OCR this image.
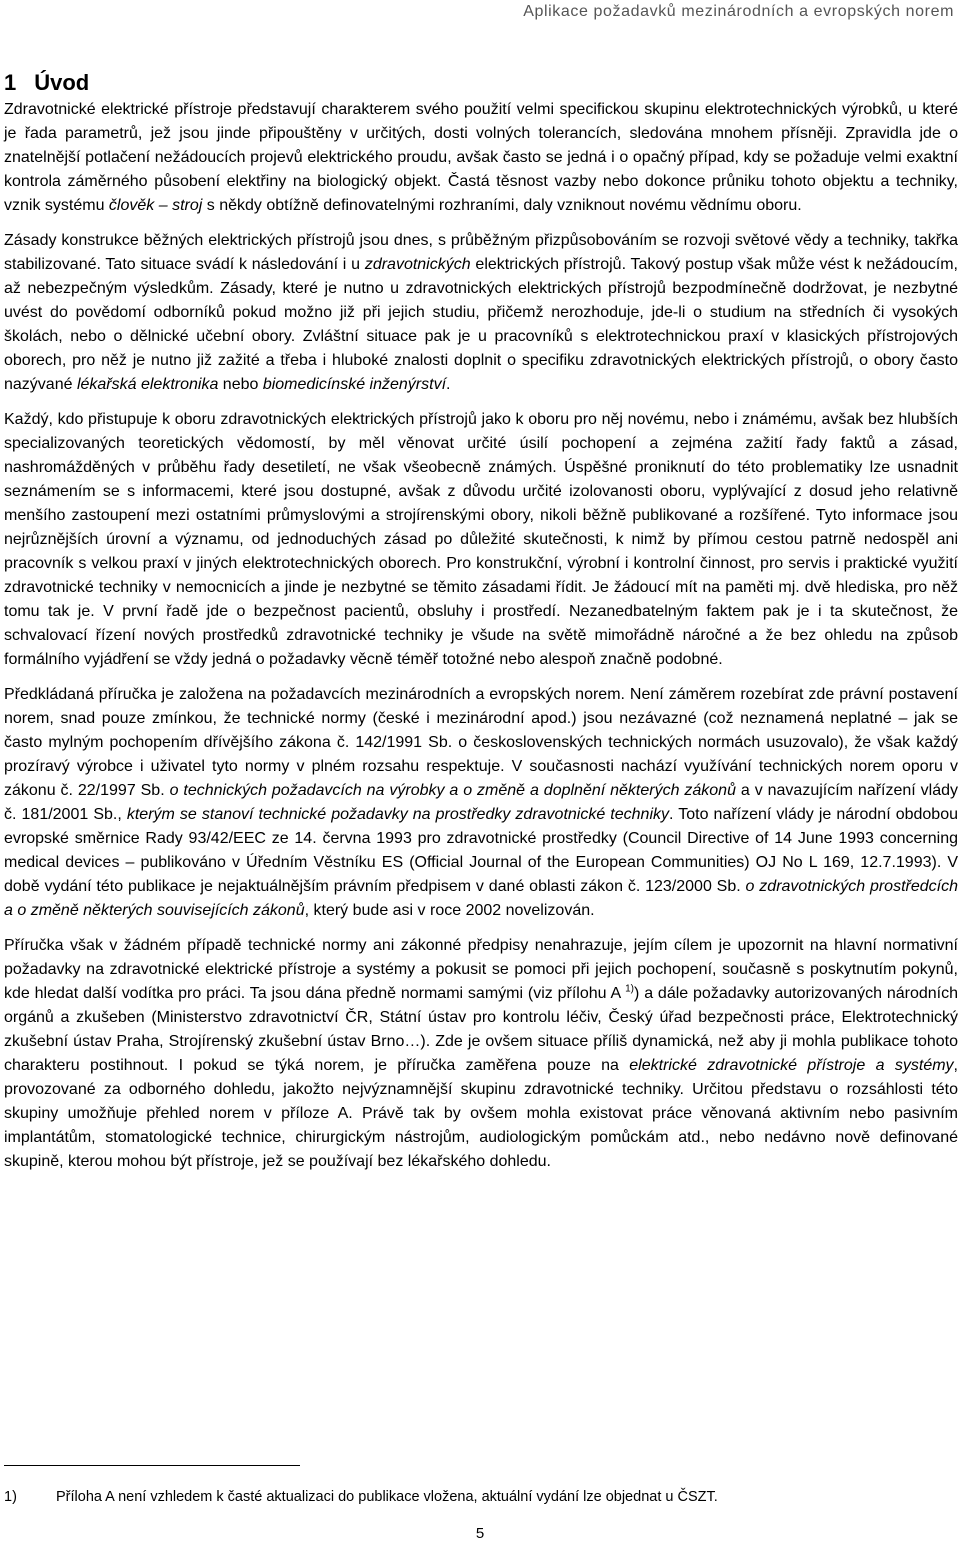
Aplikace požadavků mezinárodních a evropských norem
1 Úvod

Zdravotnické elektrické přístroje představují charakterem svého použití velmi specifickou skupinu elektrotechnických výrobků, u které je řada parametrů, jež jsou jinde připouštěny v určitých, dosti volných tolerancích, sledována mnohem přísněji. Zpravidla jde o znatelnější potlačení nežádoucích projevů elektrického proudu, avšak často se jedná i o opačný případ, kdy se požaduje velmi exaktní kontrola záměrného působení elektřiny na biologický objekt. Častá těsnost vazby nebo dokonce průniku tohoto objektu a techniky, vznik systému člověk – stroj s někdy obtížně definovatelnými rozhraními, daly vzniknout novému vědnímu oboru.

Zásady konstrukce běžných elektrických přístrojů jsou dnes, s průběžným přizpůsobováním se rozvoji světové vědy a techniky, takřka stabilizované. Tato situace svádí k následování i u zdravotnických elektrických přístrojů. Takový postup však může vést k nežádoucím, až nebezpečným výsledkům. Zásady, které je nutno u zdravotnických elektrických přístrojů bezpodmínečně dodržovat, je nezbytné uvést do povědomí odborníků pokud možno již při jejich studiu, přičemž nerozhoduje, jde-li o studium na středních či vysokých školách, nebo o dělnické učební obory. Zvláštní situace pak je u pracovníků s elektrotechnickou praxí v klasických přístrojových oborech, pro něž je nutno již zažité a třeba i hluboké znalosti doplnit o specifiku zdravotnických elektrických přístrojů, o obory často nazývané lékařská elektronika nebo biomedicínské inženýrství.

Každý, kdo přistupuje k oboru zdravotnických elektrických přístrojů jako k oboru pro něj novému, nebo i známému, avšak bez hlubších specializovaných teoretických vědomostí, by měl věnovat určité úsilí pochopení a zejména zažití řady faktů a zásad, nashromážděných v průběhu řady desetiletí, ne však všeobecně známých. Úspěšné proniknutí do této problematiky lze usnadnit seznámením se s informacemi, které jsou dostupné, avšak z důvodu určité izolovanosti oboru, vyplývající z dosud jeho relativně menšího zastoupení mezi ostatními průmyslovými a strojírenskými obory, nikoli běžně publikované a rozšířené. Tyto informace jsou nejrůznějších úrovní a významu, od jednoduchých zásad po důležité skutečnosti, k nimž by přímou cestou patrně nedospěl ani pracovník s velkou praxí v jiných elektrotechnických oborech. Pro konstrukční, výrobní i kontrolní činnost, pro servis i praktické využití zdravotnické techniky v nemocnicích a jinde je nezbytné se těmito zásadami řídit. Je žádoucí mít na paměti mj. dvě hlediska, pro něž tomu tak je. V první řadě jde o bezpečnost pacientů, obsluhy i prostředí. Nezanedbatelným faktem pak je i ta skutečnost, že schvalovací řízení nových prostředků zdravotnické techniky je všude na světě mimořádně náročné a že bez ohledu na způsob formálního vyjádření se vždy jedná o požadavky věcně téměř totožné nebo alespoň značně podobné.

Předkládaná příručka je založena na požadavcích mezinárodních a evropských norem. Není záměrem rozebírat zde právní postavení norem, snad pouze zmínkou, že technické normy (české i mezinárodní apod.) jsou nezávazné (což neznamená neplatné – jak se často mylným pochopením dřívějšího zákona č. 142/1991 Sb. o československých technických normách usuzovalo), že však každý prozíravý výrobce i uživatel tyto normy v plném rozsahu respektuje. V současnosti nachází využívání technických norem oporu v zákonu č. 22/1997 Sb. o technických požadavcích na výrobky a o změně a doplnění některých zákonů a v navazujícím nařízení vlády č. 181/2001 Sb., kterým se stanoví technické požadavky na prostředky zdravotnické techniky. Toto nařízení vlády je národní obdobou evropské směrnice Rady 93/42/EEC ze 14. června 1993 pro zdravotnické prostředky (Council Directive of 14 June 1993 concerning medical devices – publikováno v Úředním Věstníku ES (Official Journal of the European Communities) OJ No L 169, 12.7.1993). V době vydání této publikace je nejaktuálnějším právním předpisem v dané oblasti zákon č. 123/2000 Sb. o zdravotnických prostředcích a o změně některých souvisejících zákonů, který bude asi v roce 2002 novelizován.

Příručka však v žádném případě technické normy ani zákonné předpisy nenahrazuje, jejím cílem je upozornit na hlavní normativní požadavky na zdravotnické elektrické přístroje a systémy a pokusit se pomoci při jejich pochopení, současně s poskytnutím pokynů, kde hledat další vodítka pro práci. Ta jsou dána předně normami samými (viz přílohu A $^{1)}$) a dále požadavky autorizovaných národních orgánů a zkušeben (Ministerstvo zdravotnictví ČR, Státní ústav pro kontrolu léčiv, Český úřad bezpečnosti práce, Elektrotechnický zkušební ústav Praha, Strojírenský zkušební ústav Brno…). Zde je ovšem situace příliš dynamická, než aby ji mohla publikace tohoto charakteru postihnout. I pokud se týká norem, je příručka zaměřena pouze na elektrické zdravotnické přístroje a systémy, provozované za odborného dohledu, jakožto nejvýznamnější skupinu zdravotnické techniky. Určitou představu o rozsáhlosti této skupiny umožňuje přehled norem v příloze A. Právě tak by ovšem mohla existovat práce věnovaná aktivním nebo pasivním implantátům, stomatologické technice, chirurgickým nástrojům, audiologickým pomůckám atd., nebo nedávno nově definované skupině, kterou mohou být přístroje, jež se používají bez lékařského dohledu.

1)	Příloha A není vzhledem k časté aktualizaci do publikace vložena, aktuální vydání lze objednat u ČSZT.
5
